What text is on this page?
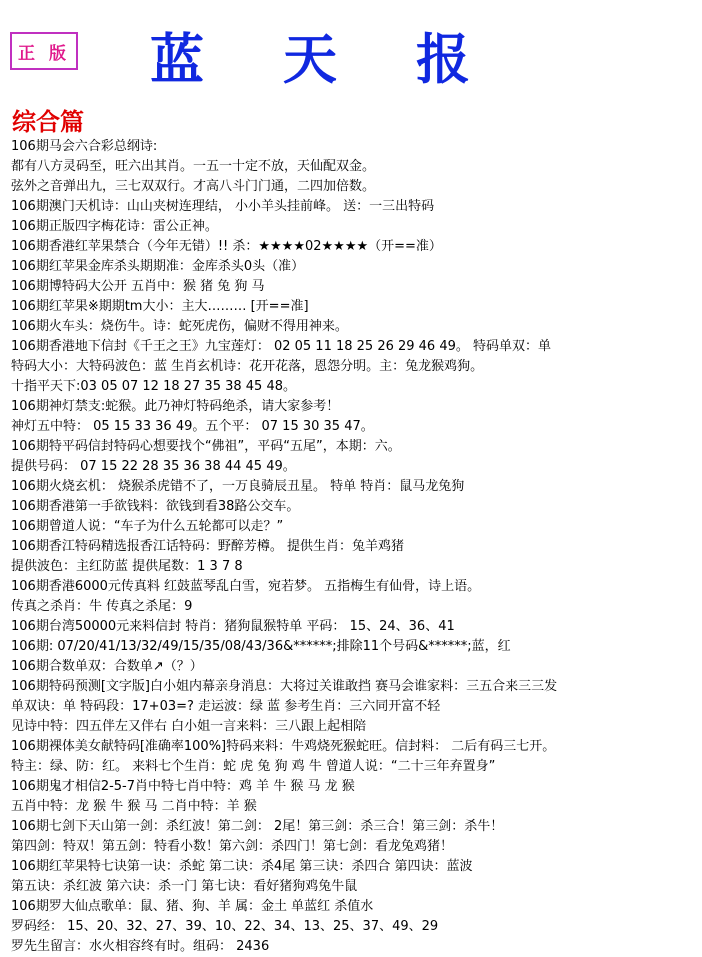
正 版 蓝 天 报
综合篇
106期马会六合彩总纲诗:
都有八方灵码至，旺六出其肖。一五一十定不放，天仙配双金。
弦外之音弹出九，三七双双行。才高八斗门门通，二四加倍数。
106期澳门天机诗：山山夹树连理结， 小小羊头挂前峰。 送：一三出特码
106期正版四字梅花诗：雷公正神。
106期香港红苹果禁合（今年无错）!! 杀：★★★★02★★★★（开==准）
106期红苹果金库杀头期期准：金库杀头0头（准）
106期博特码大公开 五肖中：猴 猪 兔 狗 马
106期红苹果※期期tm大小：主大……… [开==准]
106期火车头：烧伤牛。诗：蛇死虎伤，偏财不得用神来。
106期香港地下信封《千王之王》九宝莲灯： 02 05 11 18 25 26 29 46 49。 特码单双：单
特码大小：大特码波色：蓝 生肖玄机诗：花开花落，恩怨分明。主：兔龙猴鸡狗。
十指平天下:03 05 07 12 18 27 35 38 45 48。
106期神灯禁支:蛇猴。此乃神灯特码绝杀，请大家参考！
神灯五中特： 05 15 33 36 49。五个平： 07 15 30 35 47。
106期特平码信封特码心想要找个“佛祖”，平码“五尾”，本期：六。
提供号码： 07 15 22 28 35 36 38 44 45 49。
106期火烧玄机： 烧猴杀虎错不了，一万良骑辰丑星。 特单 特肖：鼠马龙兔狗
106期香港第一手欲钱料：欲钱到看38路公交车。
106期曾道人说：“车子为什么五轮都可以走？”
106期香江特码精选报香江话特码：野醉芳樽。 提供生肖：兔羊鸡猪
提供波色：主红防蓝 提供尾数：1 3 7 8
106期香港6000元传真料 红鼓蓝琴乱白雪，宛若梦。 五指梅生有仙骨，诗上语。
传真之杀肖：牛 传真之杀尾：9
106期台湾50000元来料信封 特肖：猪狗鼠猴特单 平码： 15、24、36、41
106期: 07/20/41/13/32/49/15/35/08/43/36&******;排除11个号码&******;蓝，红
106期合数单双：合数单↗（？）
106期特码预测[文字版]白小姐内幕亲身消息：大将过关谁敢挡 赛马会谁家料：三五合来三三发
单双诀：单 特码段：17+03=? 走运波：绿 蓝 参考生肖：三六同开富不轻
见诗中特：四五伴左又伴右 白小姐一言来料：三八跟上起相陪
106期裸体美女献特码[准确率100%]特码来料：牛鸡烧死猴蛇旺。信封料： 二后有码三七开。
特主：绿、防：红。 来料七个生肖：蛇 虎 兔 狗 鸡 牛 曾道人说：“二十三年弃置身”
106期鬼才相信2-5-7肖中特七肖中特：鸡 羊 牛 猴 马 龙 猴
五肖中特：龙 猴 牛 猴 马 二肖中特：羊 猴
106期七剑下天山第一剑：杀红波！第二剑： 2尾！第三剑：杀三合！第三剑：杀牛！
第四剑：特双！第五剑：特看小数！第六剑：杀四门！第七剑：看龙兔鸡猪！
106期红苹果特七诀第一诀：杀蛇 第二诀：杀4尾 第三诀：杀四合 第四诀：蓝波
第五诀：杀红波 第六诀：杀一门 第七诀：看好猪狗鸡兔牛鼠
106期罗大仙点歌单：鼠、猪、狗、羊 属：金土 单蓝红 杀值水
罗码经： 15、20、32、27、39、10、22、34、13、25、37、49、29
罗先生留言：水火相容终有时。组码： 2436
